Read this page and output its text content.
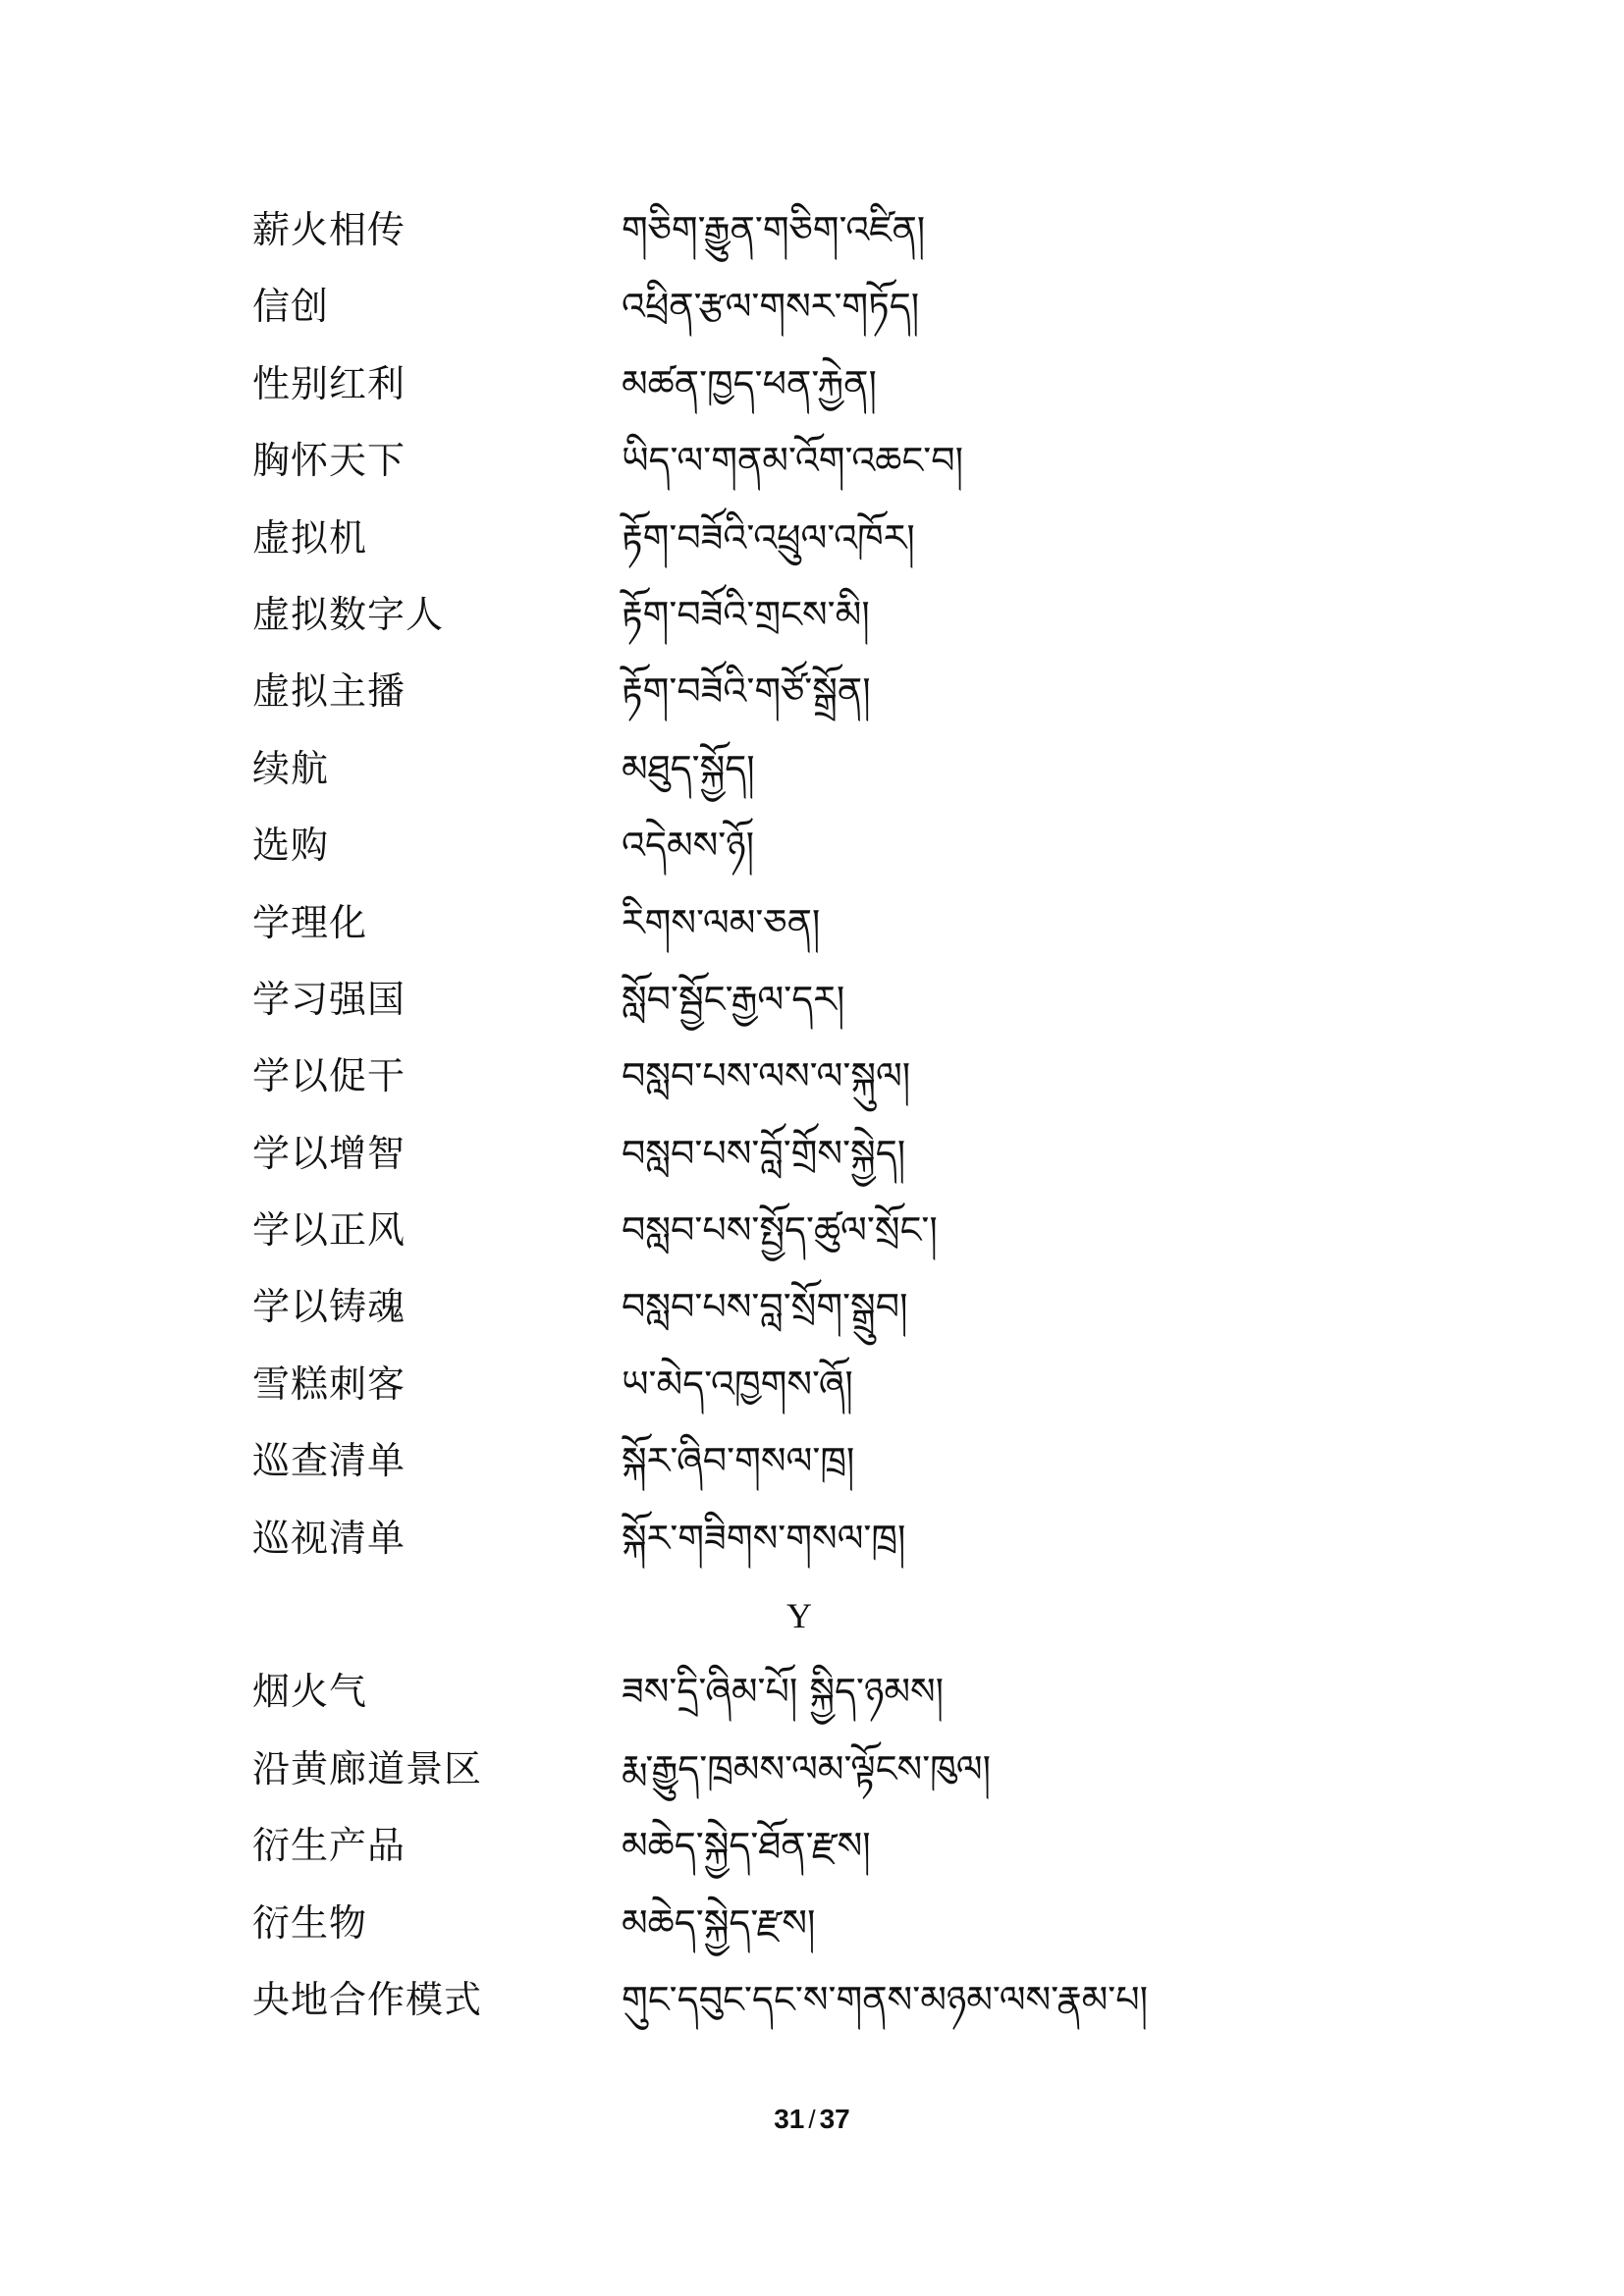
薪火相传	གཅིག་རྒྱུན་གཅིག་འཛིན།
信创	འཕྲིན་རྩལ་གསར་གཏོད།
性别红利	མཚན་ཁྱད་ཕན་རྐྱེན།
胸怀天下	ཡིད་ལ་གནམ་འོག་འཆང་བ།
虚拟机	རྟོག་བཟོའི་འཕྲུལ་འཁོར།
虚拟数字人	རྟོག་བཟོའི་གྲངས་མི།
虚拟主播	རྟོག་བཟོའི་གཙོ་སྒྲོན།
续航	མཐུད་སྐྱོད།
选购	འདེམས་ཉོ།
学理化	རིགས་ལམ་ཅན།
学习强国	སློབ་སྦྱོང་རྒྱལ་དར།
学以促干	བསླབ་པས་ལས་ལ་སྐུལ།
学以增智	བསླབ་པས་བློ་གྲོས་སྐྱེད།
学以正风	བསླབ་པས་སྤྱོད་ཚུལ་སྲོང་།
学以铸魂	བསླབ་པས་བླ་སྲོག་སྒྲུབ།
雪糕刺客	ཡ་མེད་འཁྱགས་ཞོ།
巡查清单	སྐོར་ཞིབ་གསལ་ཁྲ།
巡视清单	སྐོར་གཟིགས་གསལ་ཁྲ།
Y
烟火气	ཟས་དྲི་ཞིམ་པོ། སྐྱིད་ཉམས།
沿黄廊道景区	རྨ་རྒྱུད་ཁྲམས་ལམ་ལྟོངས་ཁུལ།
衍生产品	མཆེད་སྐྱེད་ཐོན་རྫས།
衍生物	མཆེད་སྐྱེད་རྫས།
央地合作模式	གུང་དབུང་དང་ས་གནས་མཉམ་ལས་རྣམ་པ།
31 / 37
